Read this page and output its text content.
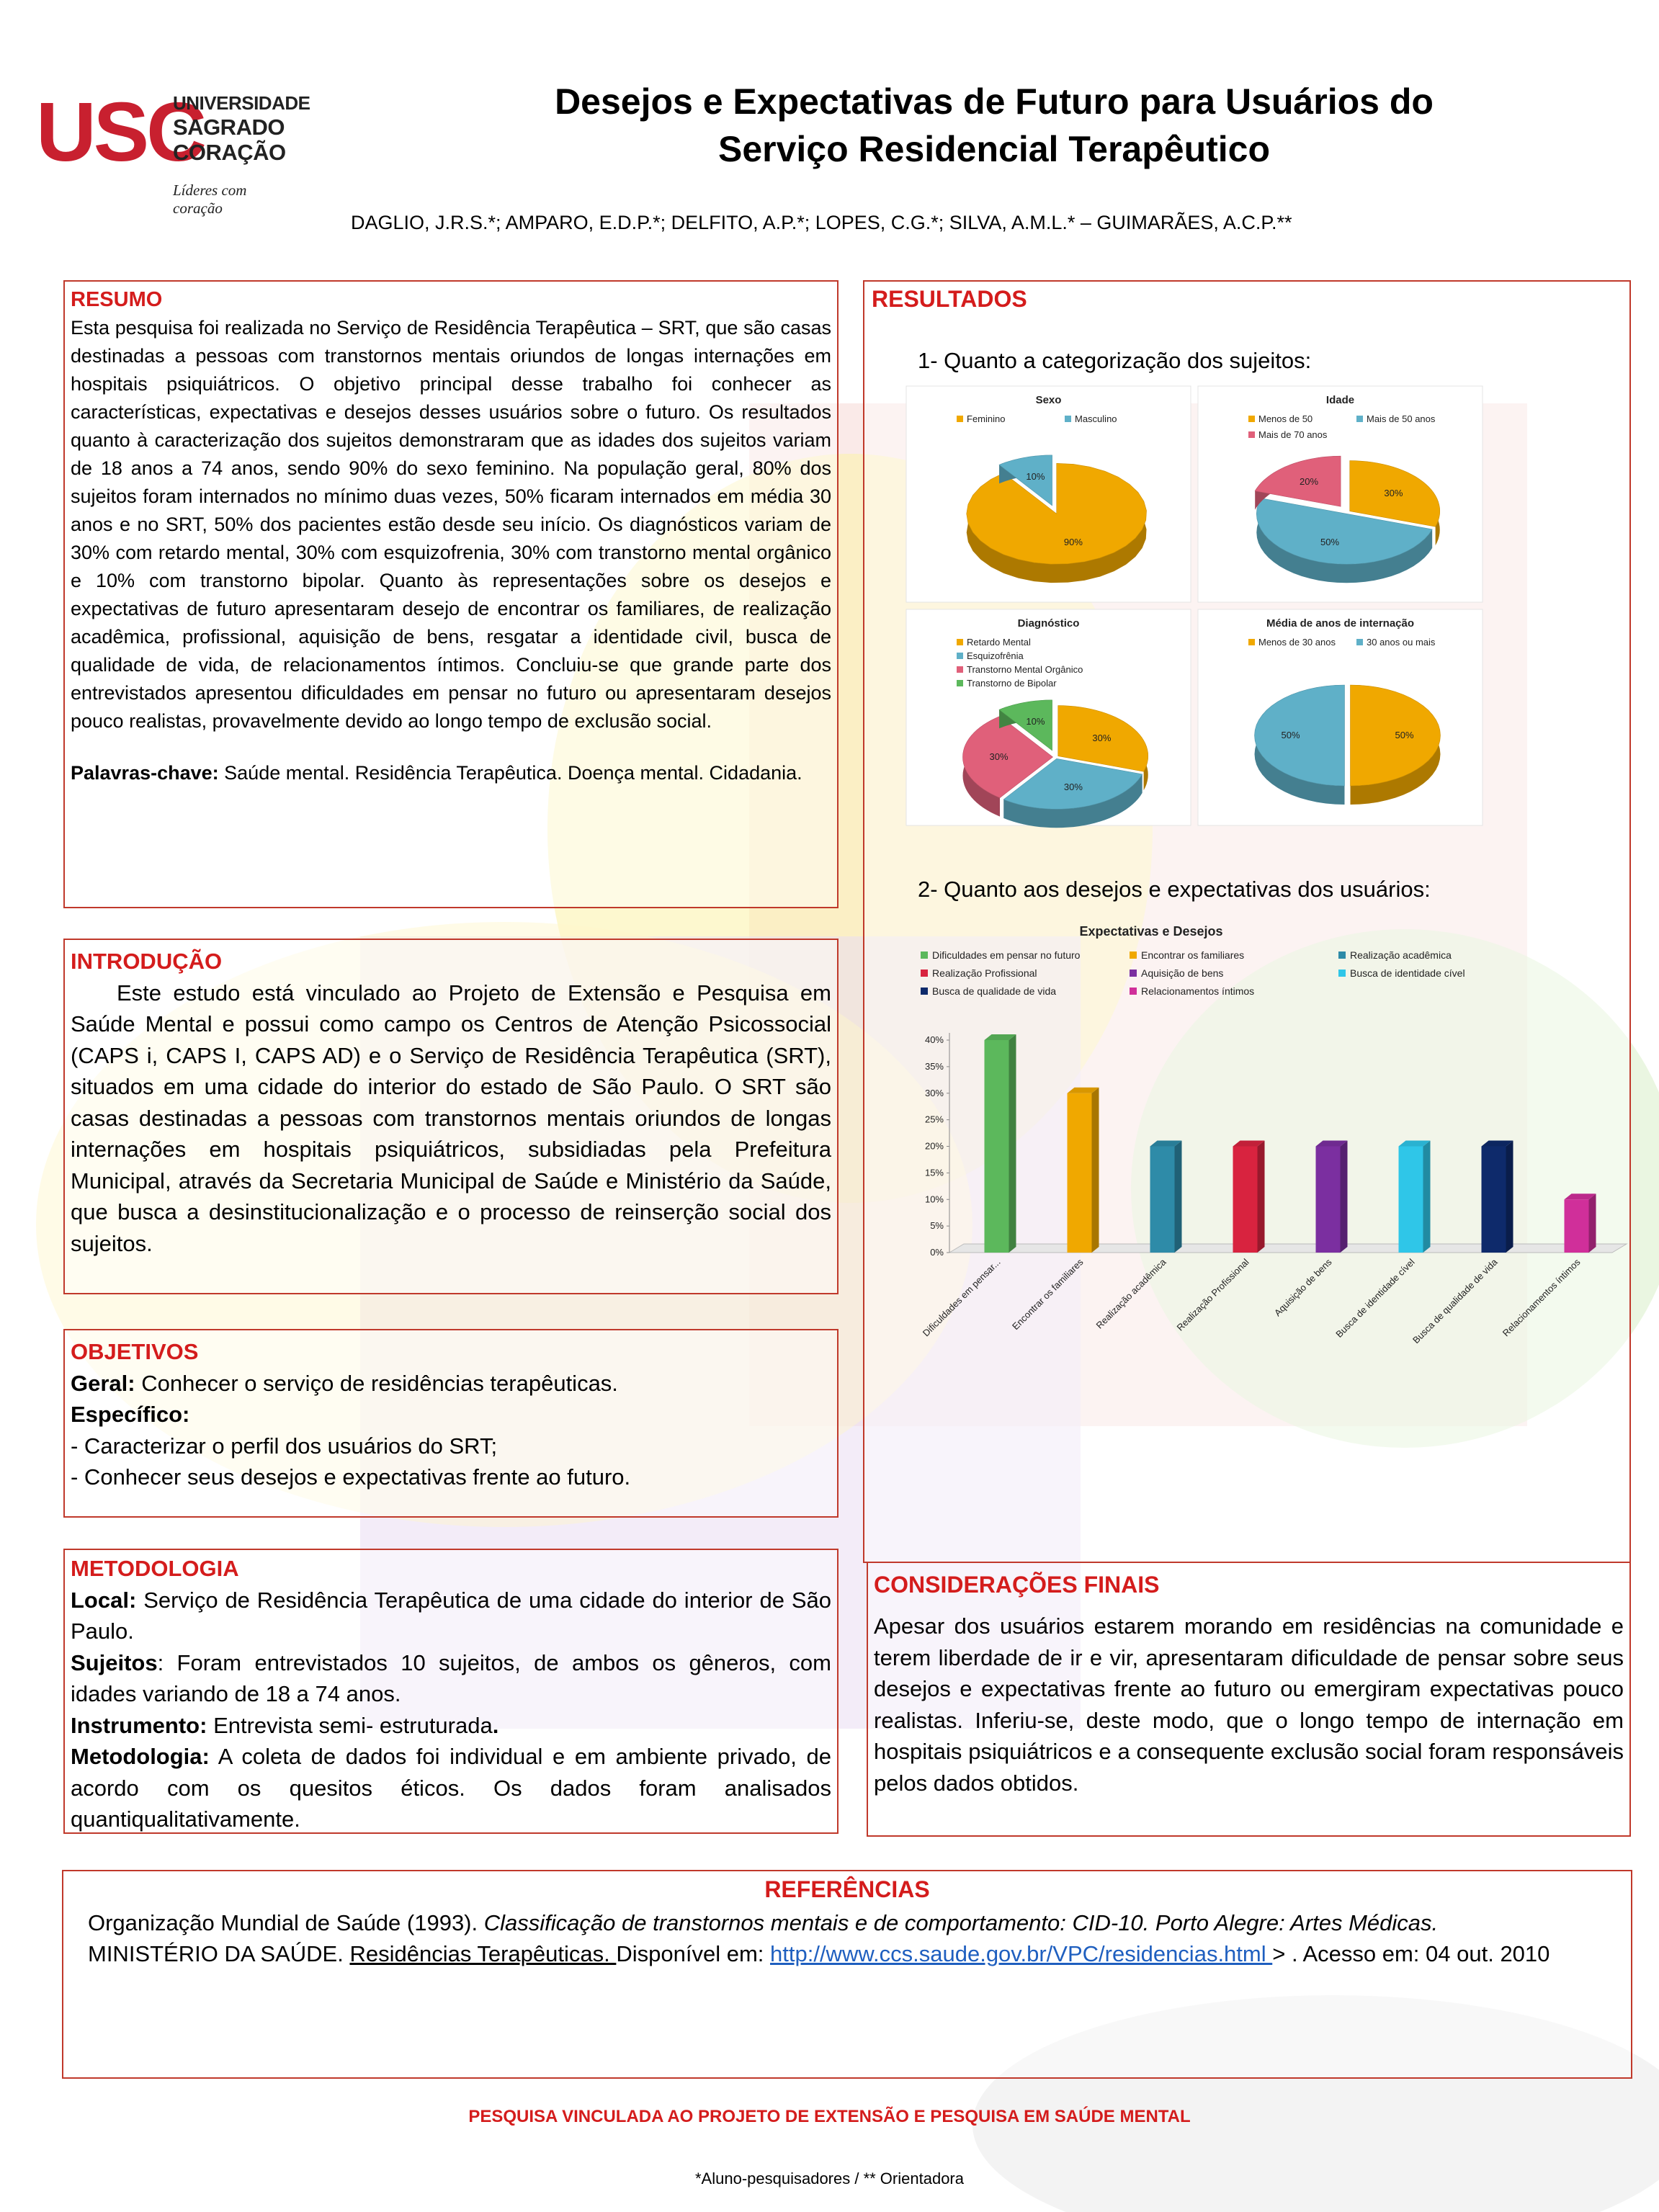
USC
UNIVERSIDADE
SAGRADO
CORAÇÃO
Líderes com coração
Desejos e Expectativas de Futuro para Usuários do
Serviço Residencial Terapêutico
DAGLIO, J.R.S.*; AMPARO, E.D.P.*; DELFITO, A.P.*; LOPES, C.G.*; SILVA, A.M.L.* – GUIMARÃES, A.C.P.**
RESUMO
Esta pesquisa foi realizada no Serviço de Residência Terapêutica – SRT, que são casas destinadas a pessoas com transtornos mentais oriundos de longas internações em hospitais psiquiátricos. O objetivo principal desse trabalho foi conhecer as características, expectativas e desejos desses usuários sobre o futuro. Os resultados quanto à caracterização dos sujeitos demonstraram que as idades dos sujeitos variam de 18 anos a 74 anos, sendo 90% do sexo feminino. Na população geral, 80% dos sujeitos foram internados no mínimo duas vezes, 50% ficaram internados em média 30 anos e no SRT, 50% dos pacientes estão desde seu início. Os diagnósticos variam de 30% com retardo mental, 30% com esquizofrenia, 30% com transtorno mental orgânico e 10% com transtorno bipolar. Quanto às representações sobre os desejos e expectativas de futuro apresentaram desejo de encontrar os familiares, de realização acadêmica, profissional, aquisição de bens, resgatar a identidade civil, busca de qualidade de vida, de relacionamentos íntimos. Concluiu-se que grande parte dos entrevistados apresentou dificuldades em pensar no futuro ou apresentaram desejos pouco realistas, provavelmente devido ao longo tempo de exclusão social.
Palavras-chave: Saúde mental. Residência Terapêutica. Doença mental. Cidadania.
INTRODUÇÃO
Este estudo está vinculado ao Projeto de Extensão e Pesquisa em Saúde Mental e possui como campo os Centros de Atenção Psicossocial (CAPS i, CAPS I, CAPS AD) e o Serviço de Residência Terapêutica (SRT), situados em uma cidade do interior do estado de São Paulo. O SRT são casas destinadas a pessoas com transtornos mentais oriundos de longas internações em hospitais psiquiátricos, subsidiadas pela Prefeitura Municipal, através da Secretaria Municipal de Saúde e Ministério da Saúde, que busca a desinstitucionalização e o processo de reinserção social dos sujeitos.
OBJETIVOS
Geral: Conhecer o serviço de residências terapêuticas.
Específico:
- Caracterizar o perfil dos usuários do SRT;
- Conhecer seus desejos e expectativas frente ao futuro.
METODOLOGIA
Local: Serviço de Residência Terapêutica de uma cidade do interior de São Paulo.
Sujeitos: Foram entrevistados 10 sujeitos, de ambos os gêneros, com idades variando de 18 a 74 anos.
Instrumento: Entrevista semi- estruturada.
Metodologia: A coleta de dados foi individual e em ambiente privado, de acordo com os quesitos éticos. Os dados foram analisados quantiqualitativamente.
RESULTADOS
1- Quanto a categorização dos sujeitos:
Sexo
Feminino	Masculino
90%
10%
Idade
Menos de 50	Mais de 50 anos
Mais de 70 anos
30%
50%
20%
Diagnóstico
Retardo Mental
Esquizofrênia
Transtorno Mental Orgânico
Transtorno de Bipolar
30%
30%
30%
10%
Média de anos de internação
Menos de 30 anos	30 anos ou mais
50%
50%
2- Quanto aos desejos e expectativas dos usuários:
Expectativas e Desejos
Dificuldades em pensar no futuro	Encontrar os familiares	Realização acadêmica
Realização Profissional	Aquisição de bens	Busca de identidade cível
Busca de qualidade de vida	Relacionamentos íntimos
0%
5%
10%
15%
20%
25%
30%
35%
40%
Dificuldades em pensar... Encontrar os familiares Realização acadêmica Realização Profissional Aquisição de bens Busca de identidade cível
Busca de qualidade de vida Relacionamentos íntimos
CONSIDERAÇÕES FINAIS
Apesar dos usuários estarem morando em residências na comunidade e terem liberdade de ir e vir, apresentaram dificuldade de pensar sobre seus desejos e expectativas frente ao futuro ou emergiram expectativas pouco realistas. Inferiu-se, deste modo, que o longo tempo de internação em hospitais psiquiátricos e a consequente exclusão social foram responsáveis pelos dados obtidos.
REFERÊNCIAS
Organização Mundial de Saúde (1993). Classificação de transtornos mentais e de comportamento: CID-10. Porto Alegre: Artes Médicas.
MINISTÉRIO DA SAÚDE. Residências Terapêuticas. Disponível em: http://www.ccs.saude.gov.br/VPC/residencias.html > . Acesso em: 04 out. 2010
PESQUISA VINCULADA AO PROJETO DE EXTENSÃO E PESQUISA EM SAÚDE MENTAL
*Aluno-pesquisadores / ** Orientadora
